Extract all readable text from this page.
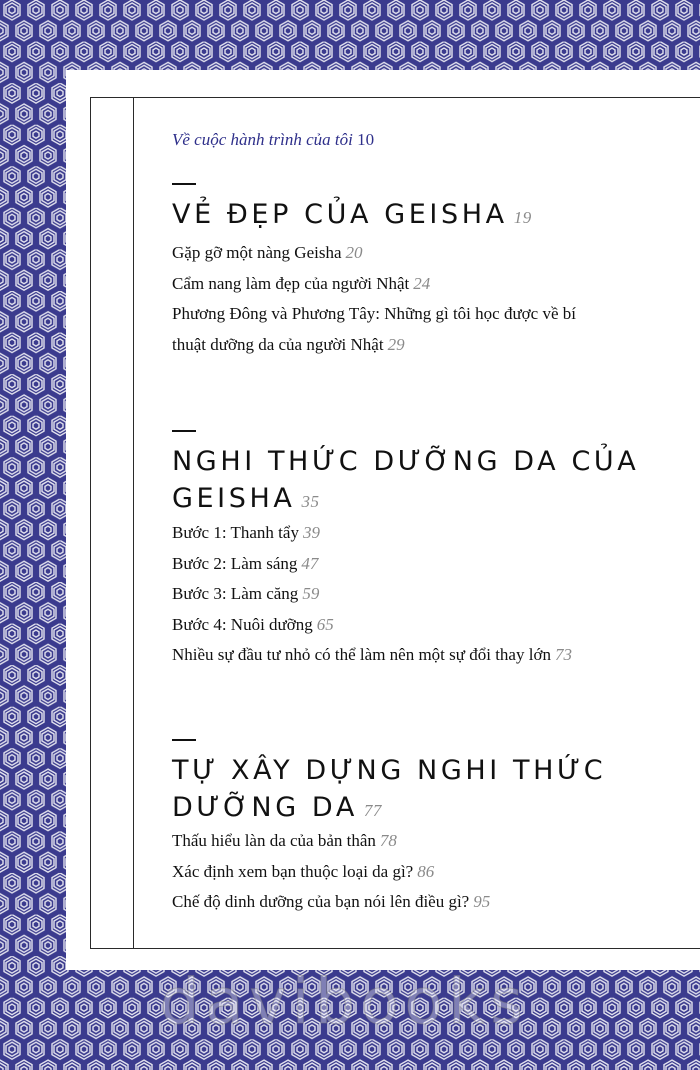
Về cuộc hành trình của tôi 10
VẺ ĐẸP CỦA GEISHA 19
Gặp gỡ một nàng Geisha 20
Cẩm nang làm đẹp của người Nhật 24
Phương Đông và Phương Tây: Những gì tôi học được về bí
thuật dưỡng da của người Nhật 29
NGHI THỨC DƯỠNG DA CỦA
GEISHA 35
Bước 1: Thanh tẩy 39
Bước 2: Làm sáng 47
Bước 3: Làm căng 59
Bước 4: Nuôi dưỡng 65
Nhiều sự đầu tư nhỏ có thể làm nên một sự đổi thay lớn 73
TỰ XÂY DỰNG NGHI THỨC
DƯỠNG DA 77
Thấu hiểu làn da của bản thân 78
Xác định xem bạn thuộc loại da gì? 86
Chế độ dinh dưỡng của bạn nói lên điều gì? 95
davibooks
